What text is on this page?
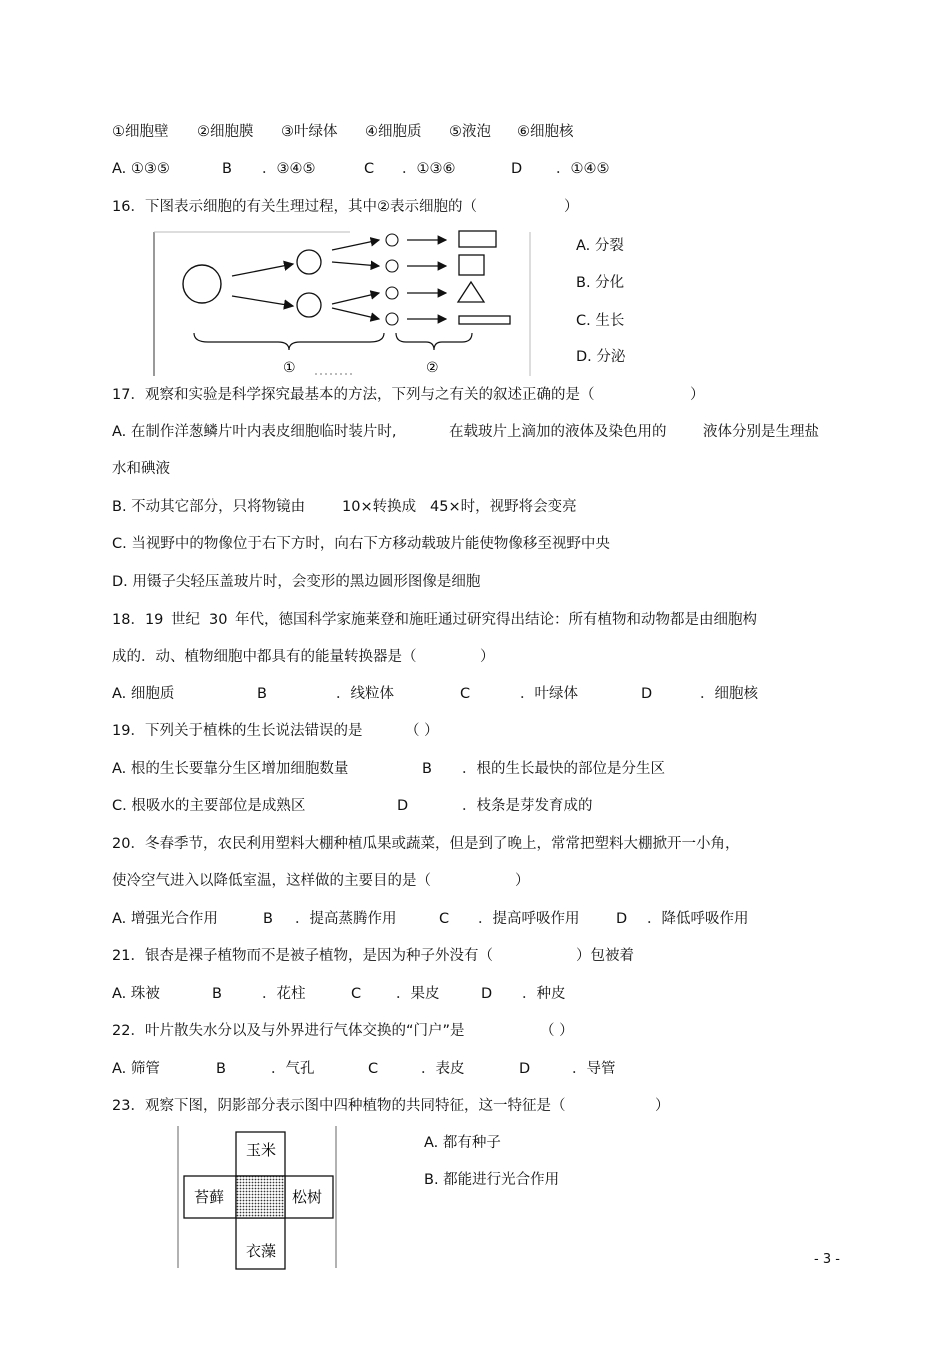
①细胞壁 ②细胞膜 ③叶绿体 ④细胞质 ⑤液泡 ⑥细胞核
A. ①③⑤	B ．③④⑤	C ．①③⑥	D ．①④⑤
16．下图表示细胞的有关生理过程，其中②表示细胞的（	）
①	②
A. 分裂
B. 分化
C. 生长
D. 分泌
17．观察和实验是科学探究最基本的方法，下列与之有关的叙述正确的是（	）
A. 在制作洋葱鳞片叶内表皮细胞临时装片时,	在载玻片上滴加的液体及染色用的	液体分别是生理盐
水和碘液
B. 不动其它部分，只将物镜由	10×转换成 45×时，视野将会变亮
C. 当视野中的物像位于右下方时，向右下方移动载玻片能使物像移至视野中央
D. 用镊子尖轻压盖玻片时，会变形的黑边圆形图像是细胞
18．19 世纪 30 年代，德国科学家施莱登和施旺通过研究得出结论：所有植物和动物都是由细胞构
成的．动、植物细胞中都具有的能量转换器是（	）
A. 细胞质	B	．线粒体	C	．叶绿体	D	．细胞核
19．下列关于植株的生长说法错误的是	（ ）
A. 根的生长要靠分生区增加细胞数量	B ．根的生长最快的部位是分生区
C. 根吸水的主要部位是成熟区	D	．枝条是芽发育成的
20．冬春季节，农民利用塑料大棚种植瓜果或蔬菜，但是到了晚上，常常把塑料大棚掀开一小角，
使冷空气进入以降低室温，这样做的主要目的是（	）
A. 增强光合作用	B ．提高蒸腾作用	C ．提高呼吸作用	D ．降低呼吸作用
21．银杏是裸子植物而不是被子植物，是因为种子外没有（	）包被着
A. 珠被	B	．花柱	C ．果皮	D ．种皮
22．叶片散失水分以及与外界进行气体交换的“门户”是	（ ）
A. 筛管	B	．气孔	C	．表皮	D	．导管
23．观察下图，阴影部分表示图中四种植物的共同特征，这一特征是（	）
玉米
苔藓	松树
衣藻
A. 都有种子
B. 都能进行光合作用
- 3 -
